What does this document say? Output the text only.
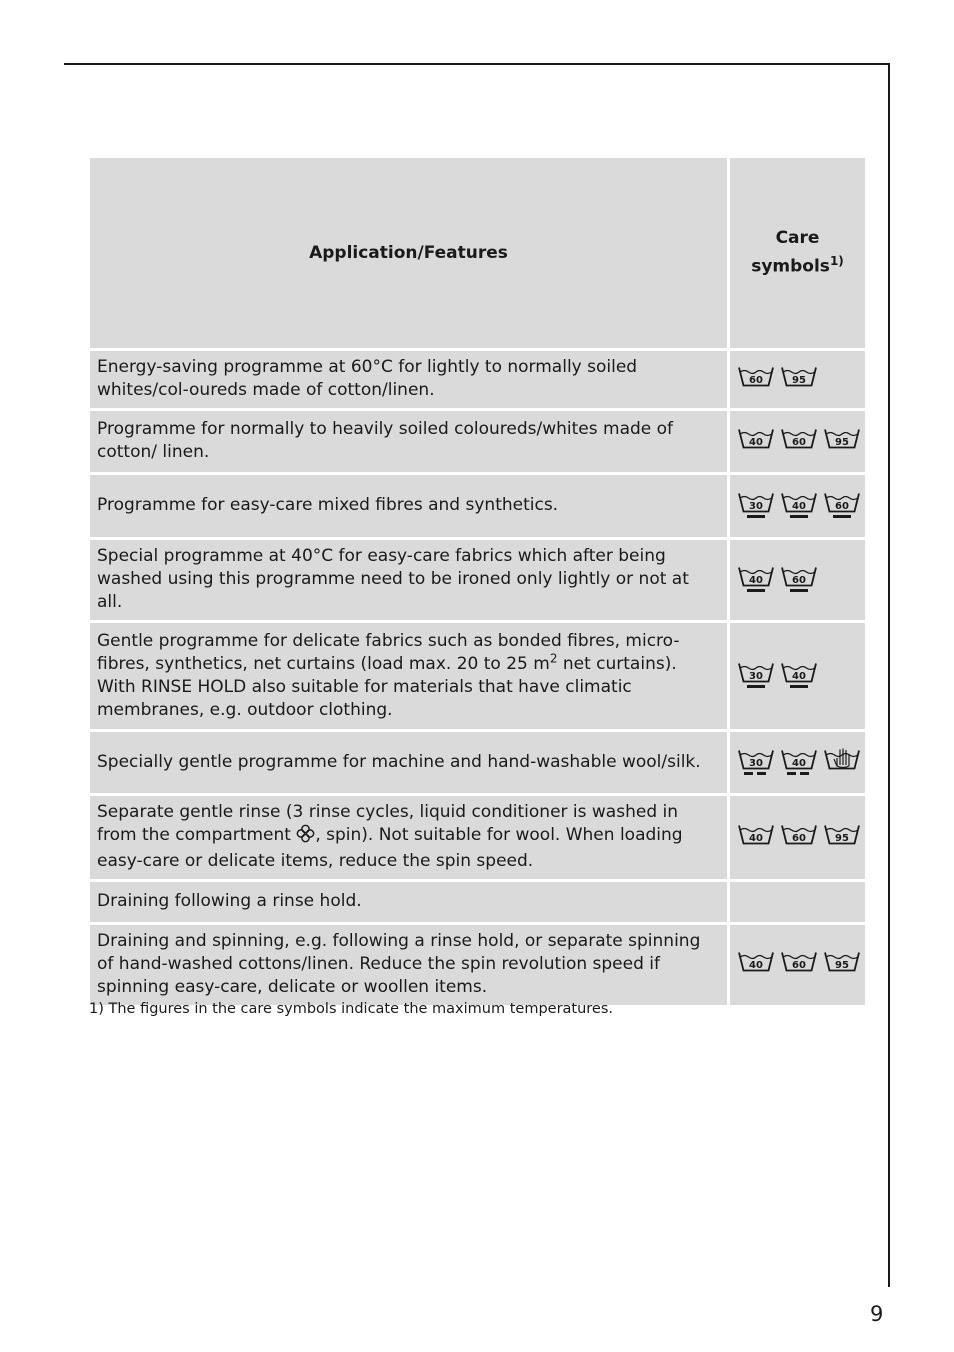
Application/Features	Care
symbols$^{1)}$
Energy-saving programme at 60°C for lightly to normally soiled whites/col-oureds made of cotton/linen.	60 95

Programme for normally to heavily soiled coloureds/whites made of cotton/ linen.	40 60 95

Programme for easy-care mixed fibres and synthetics.	30 40 60

Special programme at 40°C for easy-care fabrics which after being washed using this programme need to be ironed only lightly or not at all.	40 60

Gentle programme for delicate fabrics such as bonded fibres, micro-fibres, synthetics, net curtains (load max. 20 to 25 $m^2$ net curtains). With RINSE HOLD also suitable for materials that have climatic membranes, e.g. outdoor clothing.	30 40

Specially gentle programme for machine and hand-washable wool/silk.	30 40

Separate gentle rinse (3 rinse cycles, liquid conditioner is washed in from the compartment , spin). Not suitable for wool. When loading easy-care or delicate items, reduce the spin speed.	40 60 95

Draining following a rinse hold.	
Draining and spinning, e.g. following a rinse hold, or separate spinning of hand-washed cottons/linen. Reduce the spin revolution speed if spinning easy-care, delicate or woollen items.	40 60 95
1) The figures in the care symbols indicate the maximum temperatures.
9
